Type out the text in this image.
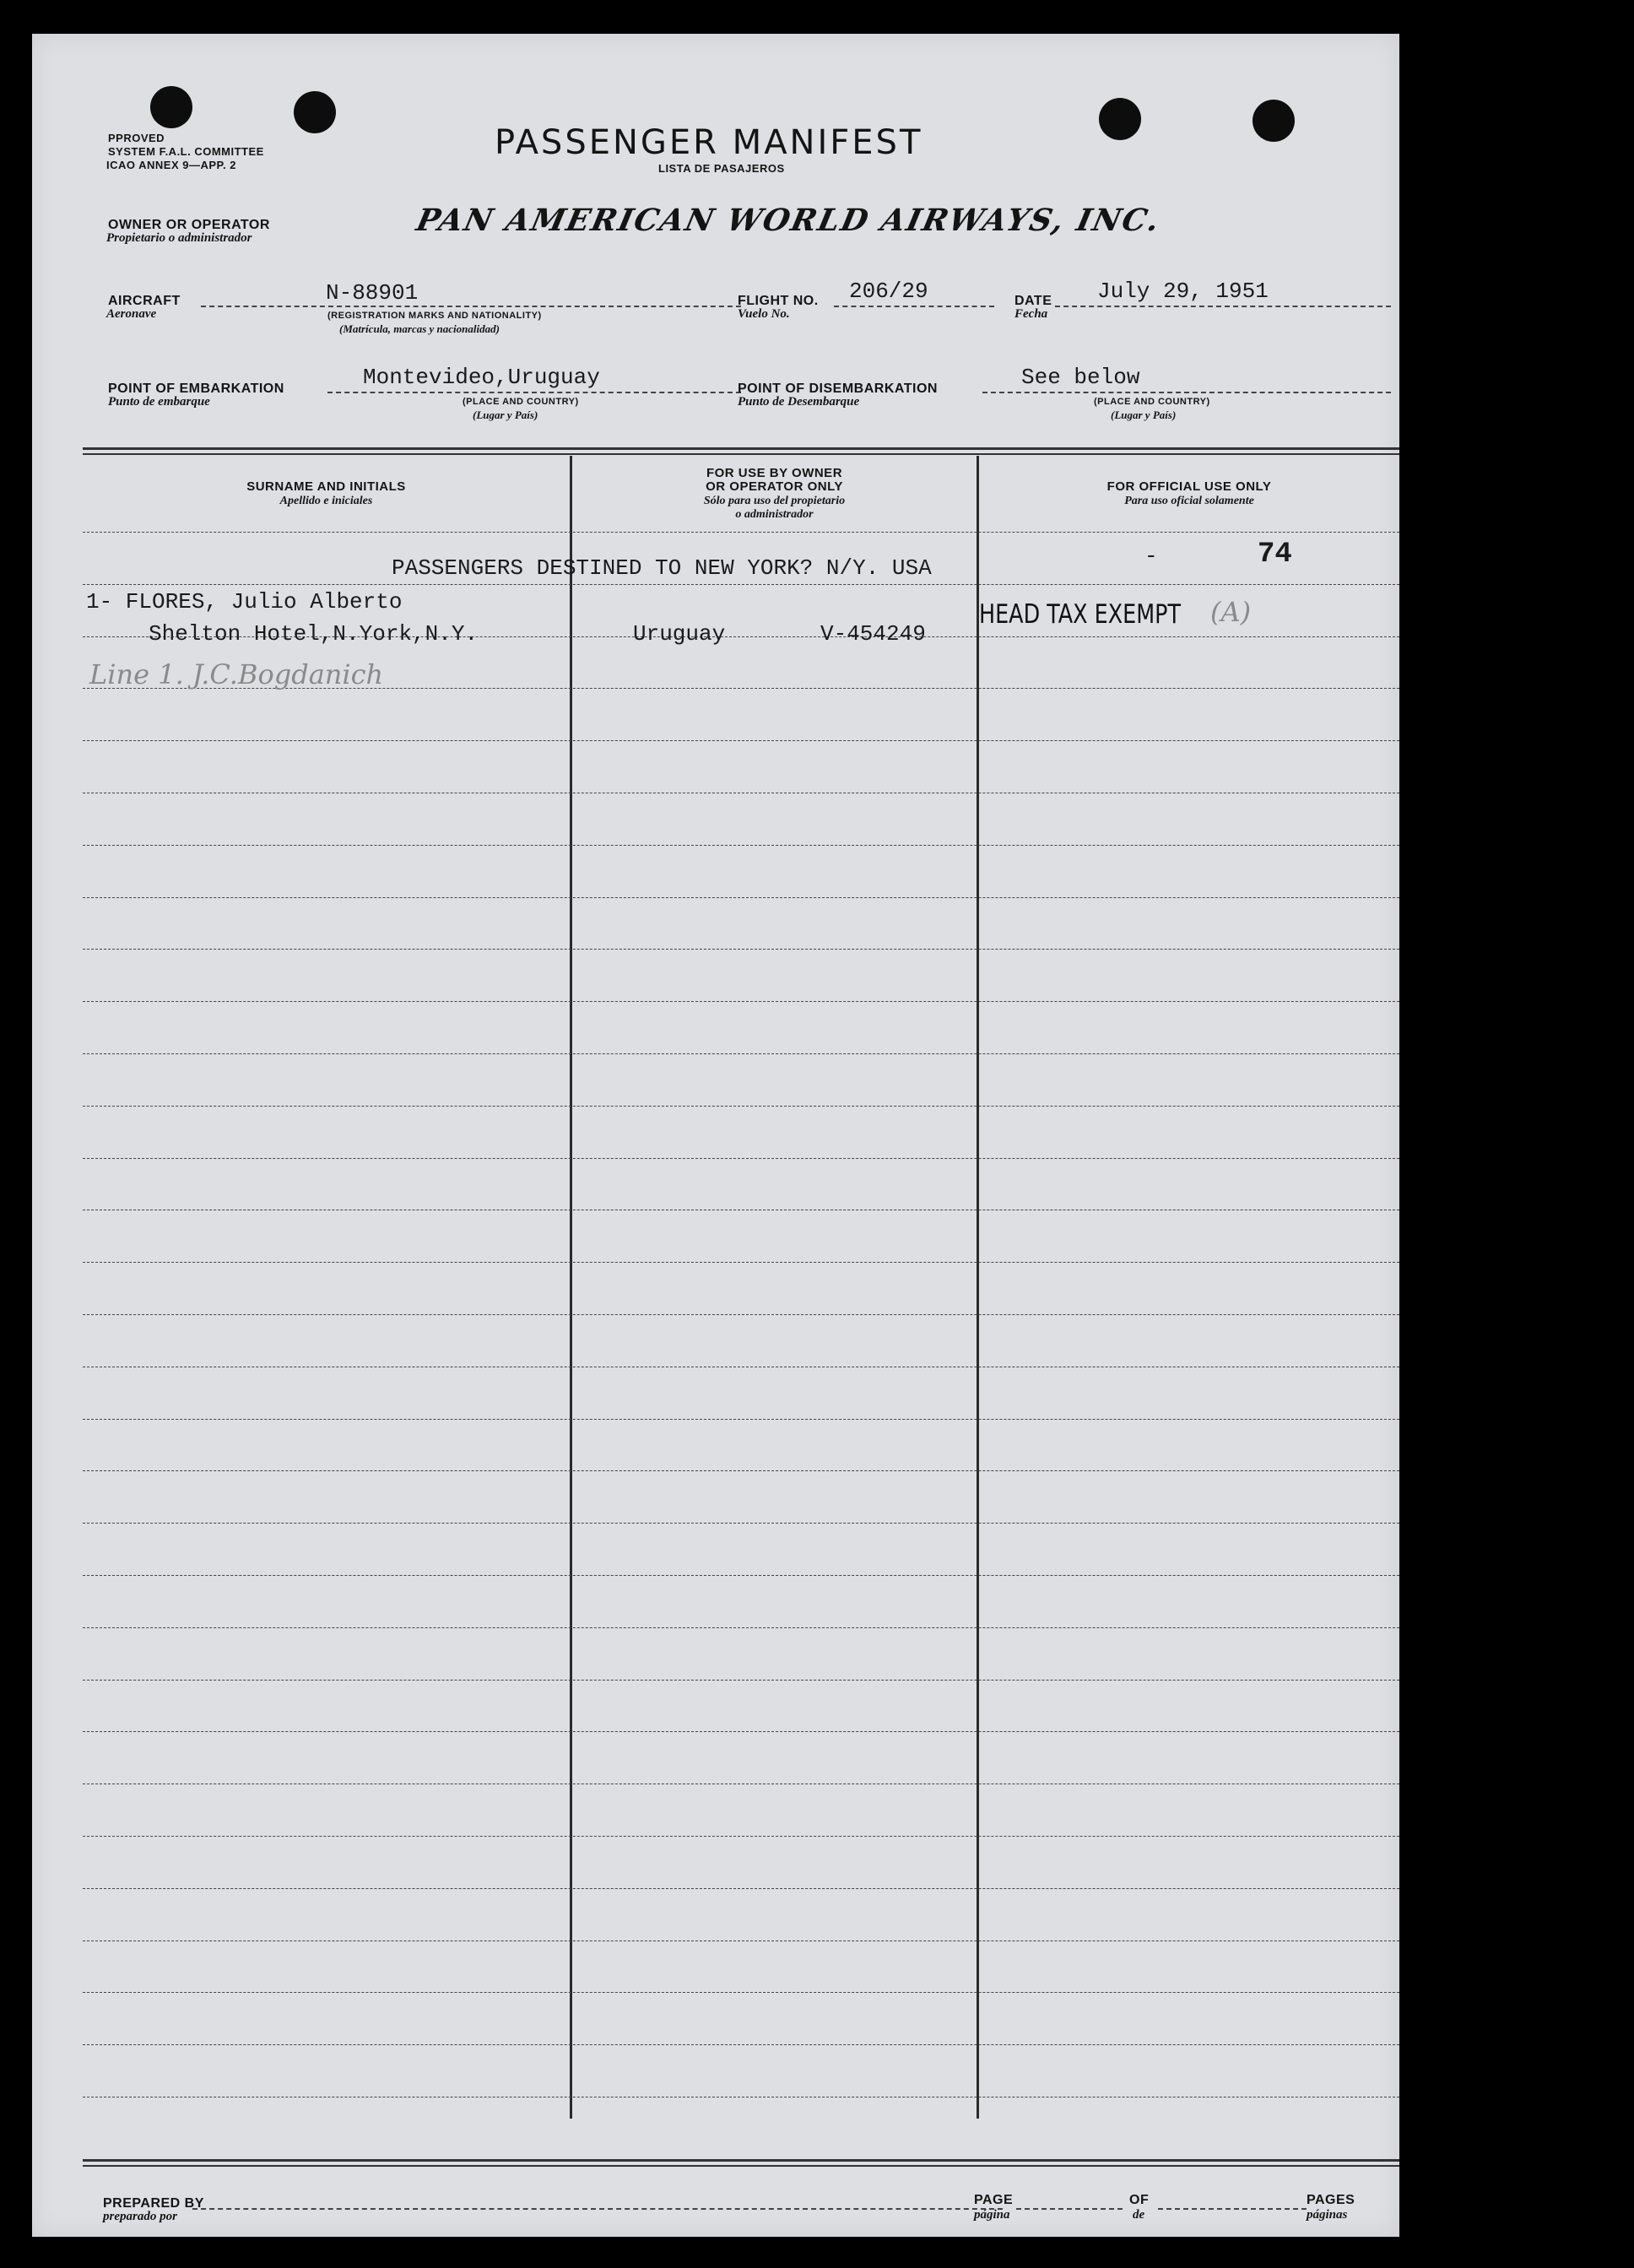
PPROVED
SYSTEM F.A.L. COMMITTEE
ICAO ANNEX 9—APP. 2
PASSENGER MANIFEST
LISTA DE PASAJEROS
OWNER OR OPERATOR
Propietario o administrador	PAN AMERICAN WORLD AIRWAYS, INC.
AIRCRAFT
Aeronave
N-88901
(REGISTRATION MARKS AND NATIONALITY)
(Matrícula, marcas y nacionalidad)
FLIGHT NO.
Vuelo No.
206/29	DATE
Fecha
July 29, 1951
POINT OF EMBARKATION
Punto de embarque
Montevideo,Uruguay
(PLACE AND COUNTRY)
(Lugar y País)
POINT OF DISEMBARKATION
Punto de Desembarque
See below
(PLACE AND COUNTRY)
(Lugar y País)
SURNAME AND INITIALS
Apellido e iniciales
FOR USE BY OWNER
OR OPERATOR ONLY
Sólo para uso del propietario
o administrador
FOR OFFICIAL USE ONLY
Para uso oficial solamente
PASSENGERS DESTINED TO NEW YORK? N/Y. USA	-	74
1- FLORES, Julio Alberto
Shelton Hotel,N.York,N.Y.	Uruguay	V-454249
HEAD TAX EXEMPT (A)
Line 1. J.C.Bogdanich
PREPARED BY
preparado por
PAGE
página
OF
de
PAGES
páginas
